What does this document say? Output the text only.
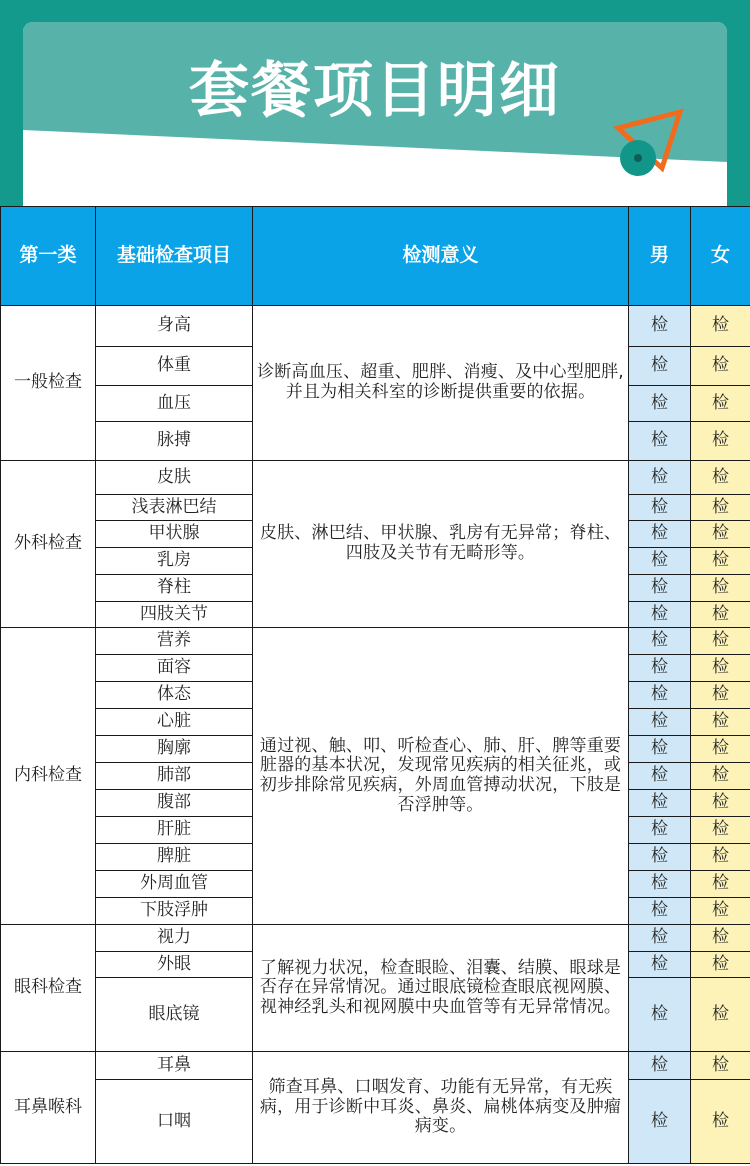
套餐项目明细
第一类	基础检查项目	检测意义	男	女
一般检查	身高	诊断高血压、超重、肥胖、消瘦、及中心型肥胖,并且为相关科室的诊断提供重要的依据。	检	检
	体重		检	检
	血压		检	检
	脉搏		检	检
外科检查	皮肤	皮肤、淋巴结、甲状腺、乳房有无异常；脊柱、四肢及关节有无畸形等。	检	检
	浅表淋巴结		检	检
	甲状腺		检	检
	乳房		检	检
	脊柱		检	检
	四肢关节		检	检
内科检查	营养	通过视、触、叩、听检查心、肺、肝、脾等重要脏器的基本状况，发现常见疾病的相关征兆，或初步排除常见疾病，外周血管搏动状况，下肢是否浮肿等。	检	检
	面容		检	检
	体态		检	检
	心脏		检	检
	胸廓		检	检
	肺部		检	检
	腹部		检	检
	肝脏		检	检
	脾脏		检	检
	外周血管		检	检
	下肢浮肿		检	检
眼科检查	视力	了解视力状况，检查眼睑、泪囊、结膜、眼球是否存在异常情况。通过眼底镜检查眼底视网膜、视神经乳头和视网膜中央血管等有无异常情况。	检	检
	外眼		检	检
	眼底镜		检	检
耳鼻喉科	耳鼻	筛查耳鼻、口咽发育、功能有无异常，有无疾病，用于诊断中耳炎、鼻炎、扁桃体病变及肿瘤病变。	检	检
	口咽		检	检
